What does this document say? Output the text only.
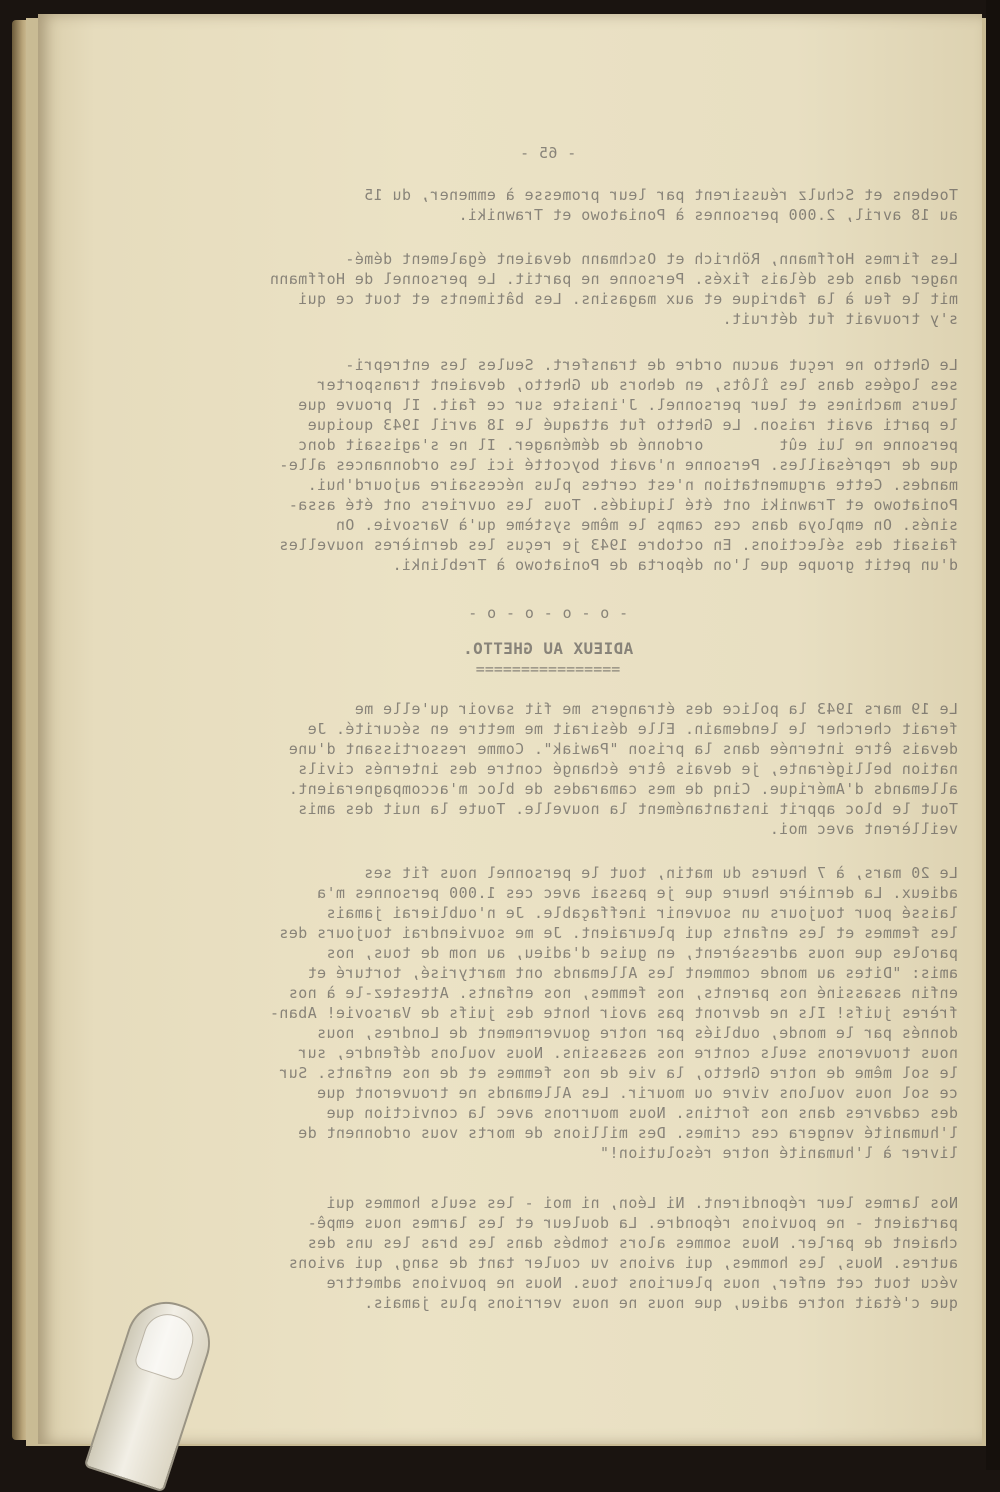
- 65 -
Toebens et Schulz réussirent par leur promesse à emmener, du 15
au 18 avril, 2.000 personnes à Poniatowo et Trawniki.
Les firmes Hoffmann, Röhrich et Oschmann devaient également démé-
nager dans des délais fixés. Personne ne partit. Le personnel de Hoffmann
mit le feu à la fabrique et aux magasins. Les bâtiments et tout ce qui
s'y trouvait fut détruit.
Le Ghetto ne reçut aucun ordre de transfert. Seules les entrepri-
ses logées dans les îlôts, en dehors du Ghetto, devaient transporter
leurs machines et leur personnel. J'insiste sur ce fait. Il prouve que
le parti avait raison. Le Ghetto fut attaqué le 18 avril 1943 quoique
personne ne lui eût        ordonné de déménager. Il ne s'agissait donc
que de représailles. Personne n'avait boycotté ici les ordonnances alle-
mandes. Cette argumentation n'est certes plus nécessaire aujourd'hui.
Poniatowo et Trawniki ont été liquidés. Tous les ouvriers ont été assa-
sinés. On employa dans ces camps le même système qu'à Varsovie. On
faisait des sélections. En octobre 1943 je reçus les dernières nouvelles
d'un petit groupe que l'on déporta de Poniatowo à Treblinki.
- o - o - o - o -
ADIEUX AU GHETTO.
================
Le 19 mars 1943 la police des étrangers me fit savoir qu'elle me
ferait chercher le lendemain. Elle désirait me mettre en sécurité. Je
devais être internée dans la prison "Pawiak". Comme ressortissant d'une
nation belligérante, je devais être échangé contre des internés civils
allemands d'Amérique. Cinq de mes camarades de bloc m'accompagneraient.
Tout le bloc apprit instantanément la nouvelle. Toute la nuit des amis
veillèrent avec moi.
Le 20 mars, à 7 heures du matin, tout le personnel nous fit ses
adieux. La dernière heure que je passai avec ces 1.000 personnes m'a
laissé pour toujours un souvenir ineffaçable. Je n'oublierai jamais
les femmes et les enfants qui pleuraient. Je me souviendrai toujours des
paroles que nous adressèrent, en guise d'adieu, au nom de tous, nos
amis: "Dites au monde comment les Allemands ont martyrisé, torturé et
enfin assassiné nos parents, nos femmes, nos enfants. Attestez-le à nos
frères juifs! Ils ne devront pas avoir honte des juifs de Varsovie! Aban-
donnés par le monde, oubliés par notre gouvernement de Londres, nous
nous trouverons seuls contre nos assassins. Nous voulons défendre, sur
le sol même de notre Ghetto, la vie de nos femmes et de nos enfants. Sur
ce sol nous voulons vivre ou mourir. Les Allemands ne trouveront que
des cadavres dans nos fortins. Nous mourrons avec la conviction que
l'humanité vengera ces crimes. Des millions de morts vous ordonnent de
livrer à l'humanité notre résolution!"
Nos larmes leur répondirent. Ni Léon, ni moi - les seuls hommes qui
partaient - ne pouvions répondre. La douleur et les larmes nous empê-
chaient de parler. Nous sommes alors tombés dans les bras les uns des
autres. Nous, les hommes, qui avions vu couler tant de sang, qui avions
vécu tout cet enfer, nous pleurions tous. Nous ne pouvions admettre
que c'était notre adieu, que nous ne nous verrions plus jamais.
